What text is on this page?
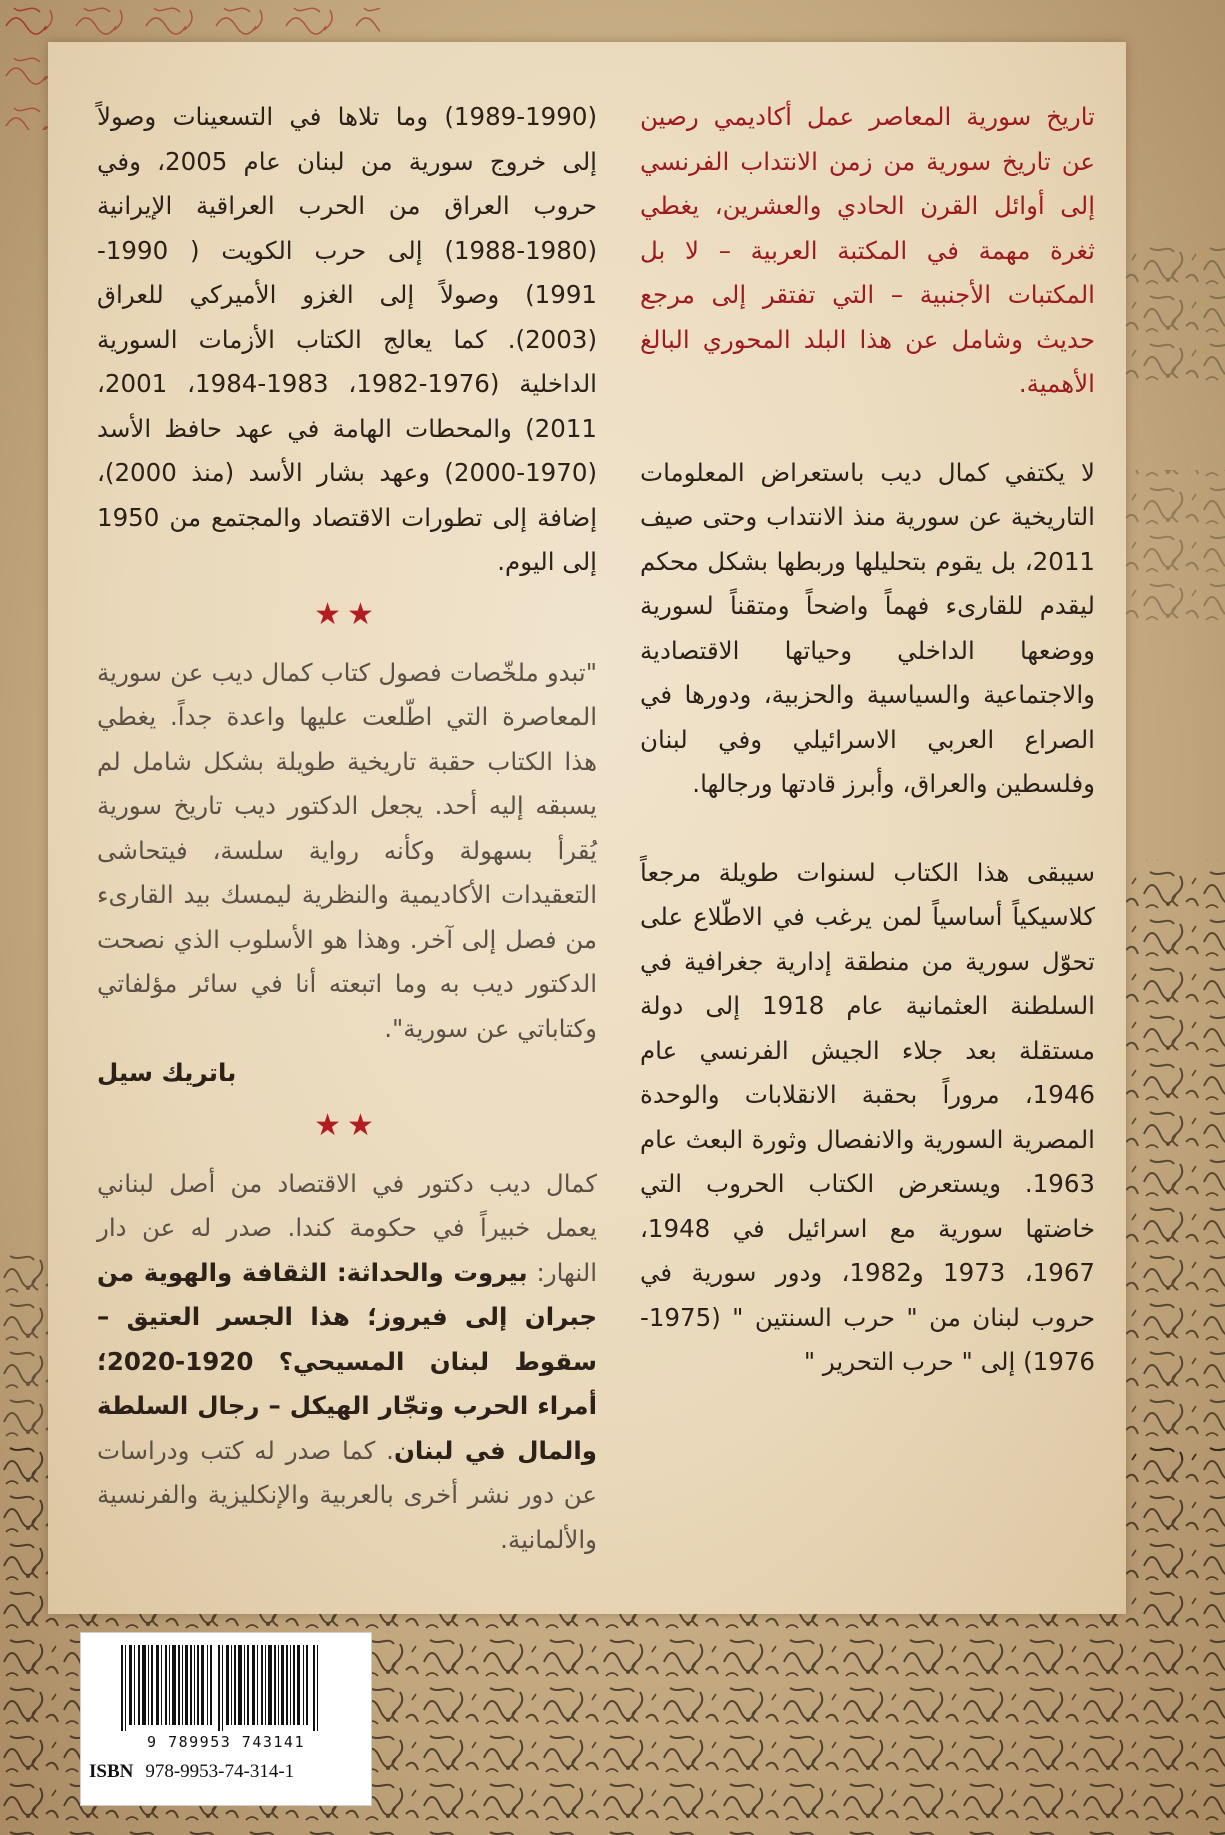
تاريخ سورية المعاصر عمل أكاديمي رصين عن تاريخ سورية من زمن الانتداب الفرنسي إلى أوائل القرن الحادي والعشرين، يغطي ثغرة مهمة في المكتبة العربية – لا بل المكتبات الأجنبية – التي تفتقر إلى مرجع حديث وشامل عن هذا البلد المحوري البالغ الأهمية.

لا يكتفي كمال ديب باستعراض المعلومات التاريخية عن سورية منذ الانتداب وحتى صيف 2011، بل يقوم بتحليلها وربطها بشكل محكم ليقدم للقارىء فهماً واضحاً ومتقناً لسورية ووضعها الداخلي وحياتها الاقتصادية والاجتماعية والسياسية والحزبية، ودورها في الصراع العربي الاسرائيلي وفي لبنان وفلسطين والعراق، وأبرز قادتها ورجالها.

سيبقى هذا الكتاب لسنوات طويلة مرجعاً كلاسيكياً أساسياً لمن يرغب في الاطّلاع على تحوّل سورية من منطقة إدارية جغرافية في السلطنة العثمانية عام 1918 إلى دولة مستقلة بعد جلاء الجيش الفرنسي عام 1946، مروراً بحقبة الانقلابات والوحدة المصرية السورية والانفصال وثورة البعث عام 1963. ويستعرض الكتاب الحروب التي خاضتها سورية مع اسرائيل في 1948، 1967، 1973 و1982، ودور سورية في حروب لبنان من " حرب السنتين " (1975-1976) إلى " حرب التحرير "

(1989-1990) وما تلاها في التسعينات وصولاً إلى خروج سورية من لبنان عام 2005، وفي حروب العراق من الحرب العراقية الإيرانية (1980-1988) إلى حرب الكويت ( 1990-1991) وصولاً إلى الغزو الأميركي للعراق (2003). كما يعالج الكتاب الأزمات السورية الداخلية (1976-1982، 1983-1984، 2001، 2011) والمحطات الهامة في عهد حافظ الأسد (1970-2000) وعهد بشار الأسد (منذ 2000)، إضافة إلى تطورات الاقتصاد والمجتمع من 1950 إلى اليوم.

★★

"تبدو ملخّصات فصول كتاب كمال ديب عن سورية المعاصرة التي اطّلعت عليها واعدة جداً. يغطي هذا الكتاب حقبة تاريخية طويلة بشكل شامل لم يسبقه إليه أحد. يجعل الدكتور ديب تاريخ سورية يُقرأ بسهولة وكأنه رواية سلسة، فيتحاشى التعقيدات الأكاديمية والنظرية ليمسك بيد القارىء من فصل إلى آخر. وهذا هو الأسلوب الذي نصحت الدكتور ديب به وما اتبعته أنا في سائر مؤلفاتي وكتاباتي عن سورية".

باتريك سيل

★★

كمال ديب دكتور في الاقتصاد من أصل لبناني يعمل خبيراً في حكومة كندا. صدر له عن دار النهار: بيروت والحداثة: الثقافة والهوية من جبران إلى فيروز؛ هذا الجسر العتيق – سقوط لبنان المسيحي؟ 1920-2020؛ أمراء الحرب وتجّار الهيكل – رجال السلطة والمال في لبنان. كما صدر له كتب ودراسات عن دور نشر أخرى بالعربية والإنكليزية والفرنسية والألمانية.

9 789953 743141
ISBN 978-9953-74-314-1
